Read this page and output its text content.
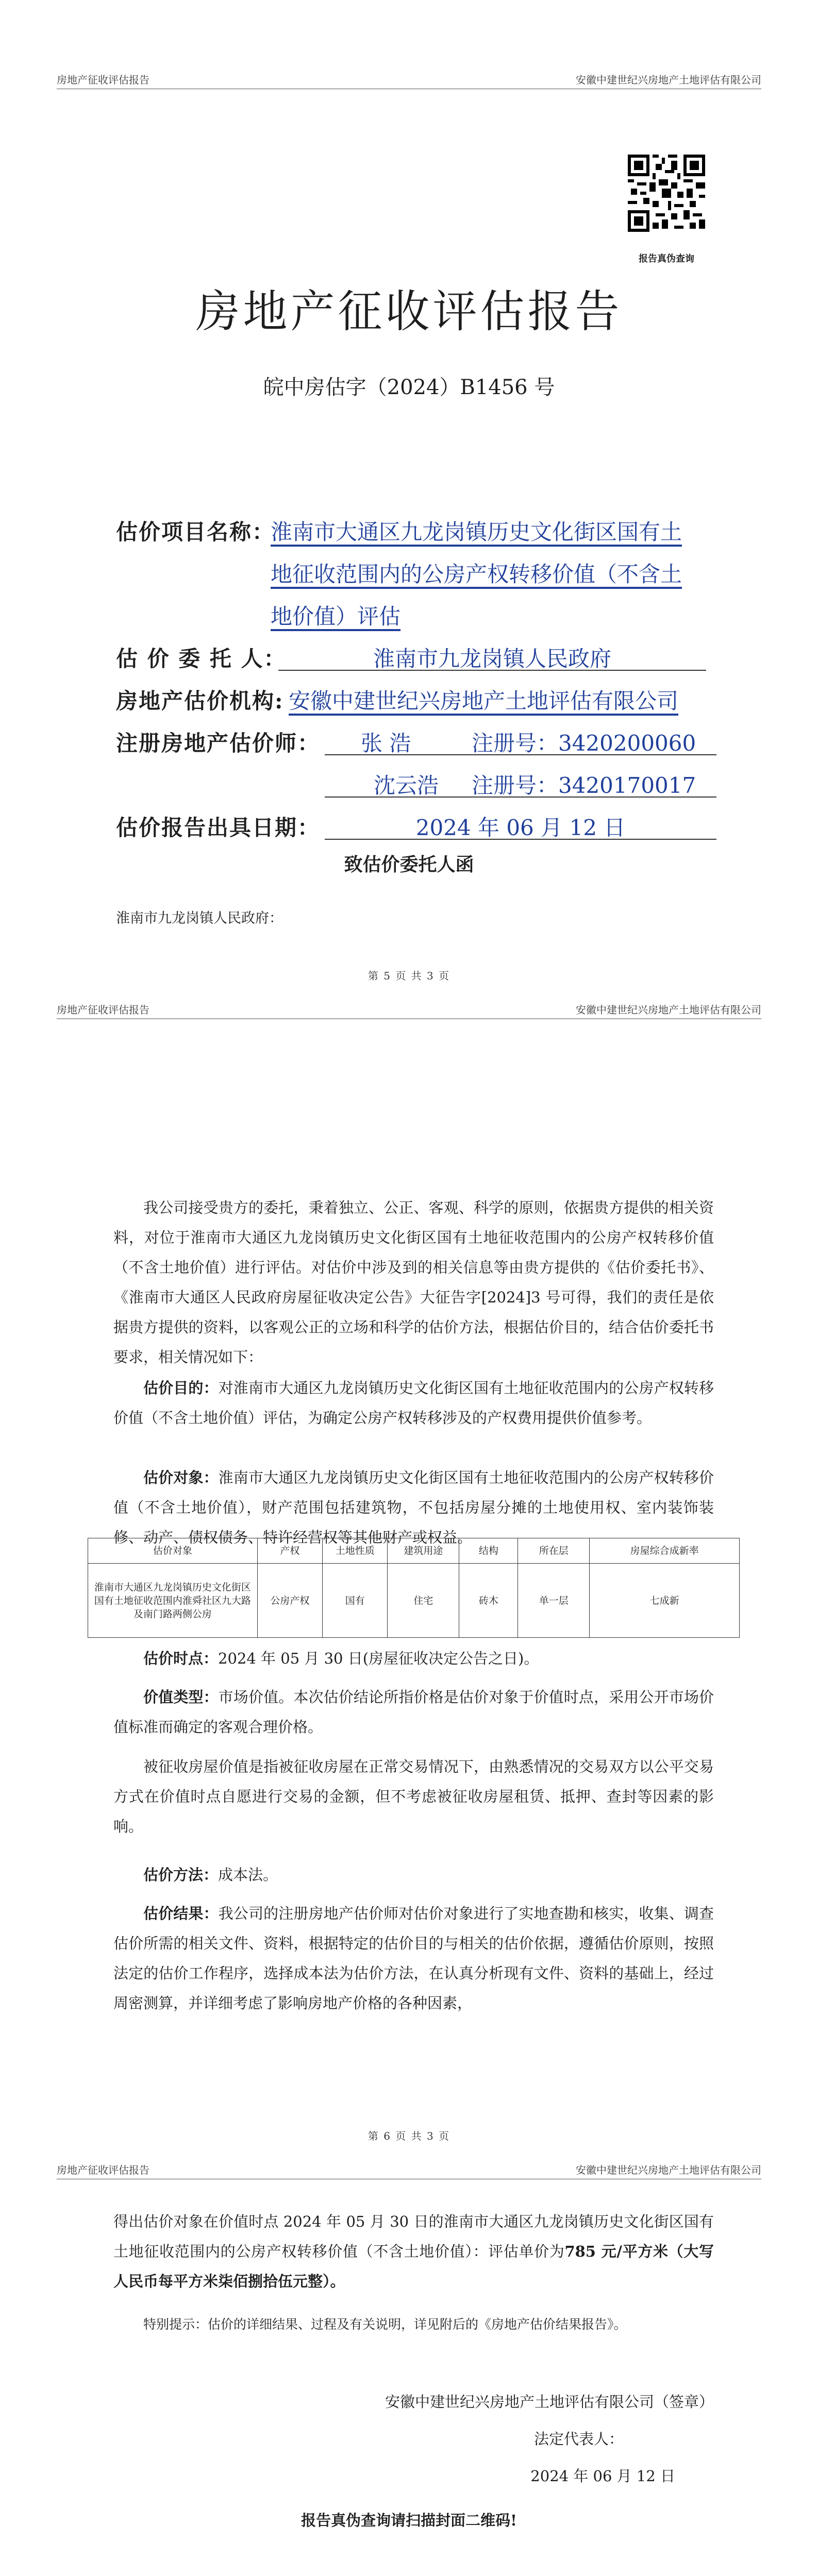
房地产征收评估报告	安徽中建世纪兴房地产土地评估有限公司
报告真伪查询
房地产征收评估报告
皖中房估字（2024）B1456 号
估价项目名称：
淮南市大通区九龙岗镇历史文化街区国有土
地征收范围内的公房产权转移价值（不含土
地价值）评估
估 价 委 托 人：	淮南市九龙岗镇人民政府
房地产估价机构: 安徽中建世纪兴房地产土地评估有限公司
注册房地产估价师： 张 浩	注册号：3420200060
沈云浩 注册号：3420170017
估价报告出具日期：	2024 年 06 月 12 日
致估价委托人函
淮南市九龙岗镇人民政府：
第 5 页 共 3 页
房地产征收评估报告	安徽中建世纪兴房地产土地评估有限公司
我公司接受贵方的委托，秉着独立、公正、客观、科学的原则，依据贵方提供的相关资料，对位于淮南市大通区九龙岗镇历史文化街区国有土地征收范围内的公房产权转移价值（不含土地价值）进行评估。对估价中涉及到的相关信息等由贵方提供的《估价委托书》、《淮南市大通区人民政府房屋征收决定公告》大征告字[2024]3 号可得，我们的责任是依据贵方提供的资料，以客观公正的立场和科学的估价方法，根据估价目的，结合估价委托书要求，相关情况如下：
估价目的：对淮南市大通区九龙岗镇历史文化街区国有土地征收范围内的公房产权转移价值（不含土地价值）评估，为确定公房产权转移涉及的产权费用提供价值参考。
估价对象：淮南市大通区九龙岗镇历史文化街区国有土地征收范围内的公房产权转移价值（不含土地价值），财产范围包括建筑物，不包括房屋分摊的土地使用权、室内装饰装修、动产、债权债务、特许经营权等其他财产或权益。
估价对象	产权	土地性质	建筑用途	结构	所在层	房屋综合成新率
淮南市大通区九龙岗镇历史文化街区国有土地征收范围内淮舜社区九大路及南门路两侧公房	公房产权	国有	住宅	砖木	单一层	七成新
估价时点：2024 年 05 月 30 日(房屋征收决定公告之日)。
价值类型：市场价值。本次估价结论所指价格是估价对象于价值时点，采用公开市场价值标准而确定的客观合理价格。
被征收房屋价值是指被征收房屋在正常交易情况下，由熟悉情况的交易双方以公平交易方式在价值时点自愿进行交易的金额，但不考虑被征收房屋租赁、抵押、查封等因素的影响。
估价方法：成本法。
估价结果：我公司的注册房地产估价师对估价对象进行了实地查勘和核实，收集、调查估价所需的相关文件、资料，根据特定的估价目的与相关的估价依据，遵循估价原则，按照法定的估价工作程序，选择成本法为估价方法，在认真分析现有文件、资料的基础上，经过周密测算，并详细考虑了影响房地产价格的各种因素，
第 6 页 共 3 页
房地产征收评估报告	安徽中建世纪兴房地产土地评估有限公司
得出估价对象在价值时点 2024 年 05 月 30 日的淮南市大通区九龙岗镇历史文化街区国有土地征收范围内的公房产权转移价值（不含土地价值）：评估单价为785 元/平方米（大写人民币每平方米柒佰捌拾伍元整）。
特别提示：估价的详细结果、过程及有关说明，详见附后的《房地产估价结果报告》。
安徽中建世纪兴房地产土地评估有限公司（签章）
法定代表人：
2024 年 06 月 12 日
报告真伪查询请扫描封面二维码!
